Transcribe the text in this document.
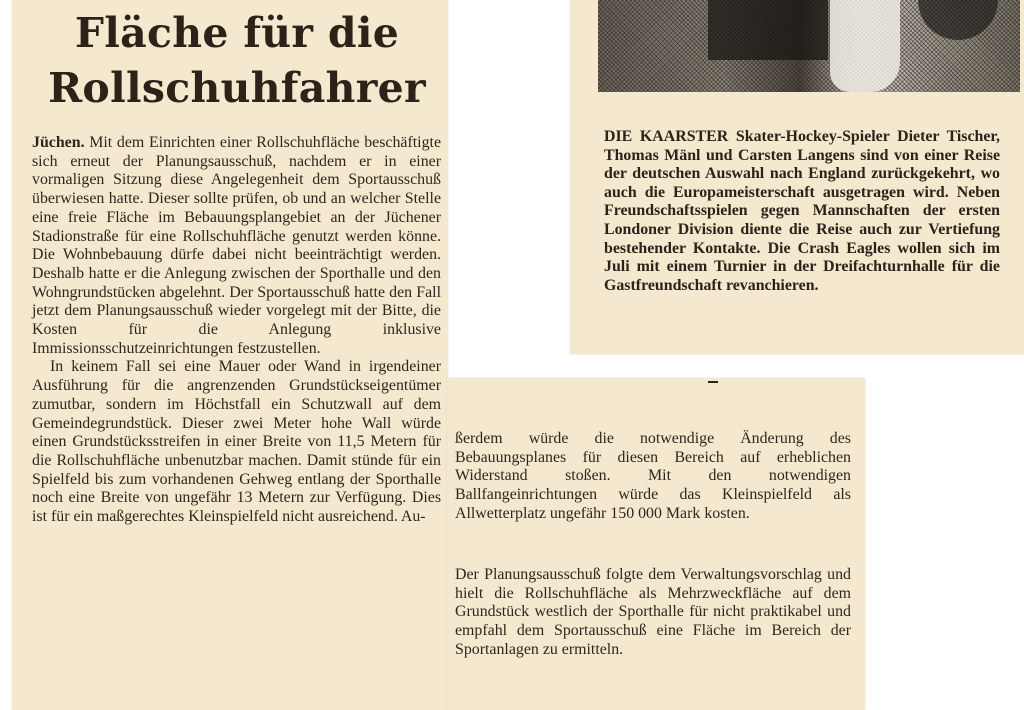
Fläche für die
Rollschuhfahrer

Jüchen. Mit dem Einrichten einer Rollschuhfläche beschäftigte sich erneut der Planungsausschuß, nachdem er in einer vormaligen Sitzung diese Angelegenheit dem Sportausschuß überwiesen hatte. Dieser sollte prüfen, ob und an welcher Stelle eine freie Fläche im Bebauungsplangebiet an der Jüchener Stadionstraße für eine Rollschuhfläche genutzt werden könne. Die Wohnbebauung dürfe dabei nicht beeinträchtigt werden. Deshalb hatte er die Anlegung zwischen der Sporthalle und den Wohngrundstücken abgelehnt. Der Sportausschuß hatte den Fall jetzt dem Planungsausschuß wieder vorgelegt mit der Bitte, die Kosten für die Anlegung inklusive Immissionsschutzeinrichtungen festzustellen.

In keinem Fall sei eine Mauer oder Wand in irgendeiner Ausführung für die angrenzenden Grundstückseigentümer zumutbar, sondern im Höchstfall ein Schutzwall auf dem Gemeindegrundstück. Dieser zwei Meter hohe Wall würde einen Grundstücksstreifen in einer Breite von 11,5 Metern für die Rollschuhfläche unbenutzbar machen. Damit stünde für ein Spielfeld bis zum vorhandenen Gehweg entlang der Sporthalle noch eine Breite von ungefähr 13 Metern zur Verfügung. Dies ist für ein maßgerechtes Kleinspielfeld nicht ausreichend. Au-

ßerdem würde die notwendige Änderung des Bebauungsplanes für diesen Bereich auf erheblichen Widerstand stoßen. Mit den notwendigen Ballfangeinrichtungen würde das Kleinspielfeld als Allwetterplatz ungefähr 150 000 Mark kosten.

Der Planungsausschuß folgte dem Verwaltungsvorschlag und hielt die Rollschuhfläche als Mehrzweckfläche auf dem Grundstück westlich der Sporthalle für nicht praktikabel und empfahl dem Sportausschuß eine Fläche im Bereich der Sportanlagen zu ermitteln.

DIE KAARSTER Skater-Hockey-Spieler Dieter Tischer, Thomas Mänl und Carsten Langens sind von einer Reise der deutschen Auswahl nach England zurückgekehrt, wo auch die Europameisterschaft ausgetragen wird. Neben Freundschaftsspielen gegen Mannschaften der ersten Londoner Division diente die Reise auch zur Vertiefung bestehender Kontakte. Die Crash Eagles wollen sich im Juli mit einem Turnier in der Dreifachturnhalle für die Gastfreundschaft revanchieren.
